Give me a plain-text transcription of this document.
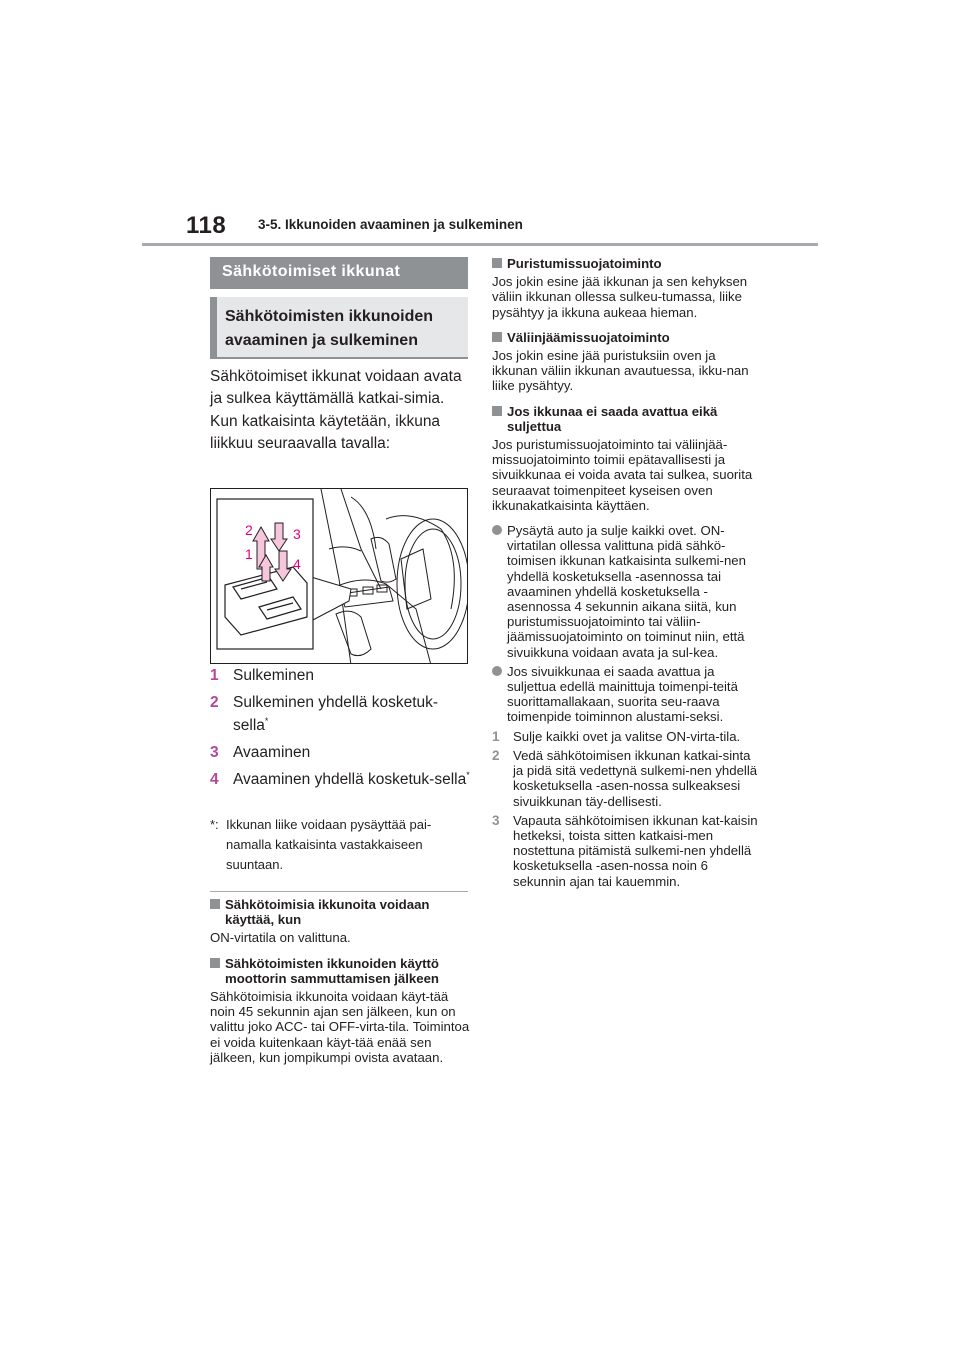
118 3-5. Ikkunoiden avaaminen ja sulkeminen
Sähkötoimiset ikkunat
Sähkötoimisten ikkunoiden
avaaminen ja sulkeminen

Sähkötoimiset ikkunat voidaan avata ja sulkea käyttämällä katkai-simia.

Kun katkaisinta käytetään, ikkuna liikkuu seuraavalla tavalla:

2
1
3
4
1 Sulkeminen
2 Sulkeminen yhdellä kosketuk-sella*
3 Avaaminen
4 Avaaminen yhdellä kosketuk-sella*
*: Ikkunan liike voidaan pysäyttää pai-namalla katkaisinta vastakkaiseen suuntaan.
Sähkötoimisia ikkunoita voidaan käyttää, kun
ON-virtatila on valittuna.
Sähkötoimisten ikkunoiden käyttö moottorin sammuttamisen jälkeen
Sähkötoimisia ikkunoita voidaan käyt-tää noin 45 sekunnin ajan sen jälkeen, kun on valittu joko ACC- tai OFF-virta-tila. Toimintoa ei voida kuitenkaan käyt-tää enää sen jälkeen, kun jompikumpi ovista avataan.
Puristumissuojatoiminto
Jos jokin esine jää ikkunan ja sen kehyksen väliin ikkunan ollessa sulkeu-tumassa, liike pysähtyy ja ikkuna aukeaa hieman.
Väliinjäämissuojatoiminto
Jos jokin esine jää puristuksiin oven ja ikkunan väliin ikkunan avautuessa, ikku-nan liike pysähtyy.
Jos ikkunaa ei saada avattua eikä suljettua
Jos puristumissuojatoiminto tai väliinjää-missuojatoiminto toimii epätavallisesti ja sivuikkunaa ei voida avata tai sulkea, suorita seuraavat toimenpiteet kyseisen oven ikkunakatkaisinta käyttäen.
Pysäytä auto ja sulje kaikki ovet. ON-virtatilan ollessa valittuna pidä sähkö-toimisen ikkunan katkaisinta sulkemi-nen yhdellä kosketuksella -asennossa tai avaaminen yhdellä kosketuksella -asennossa 4 sekunnin aikana siitä, kun puristumissuojatoiminto tai väliin-jäämissuojatoiminto on toiminut niin, että sivuikkuna voidaan avata ja sul-kea.
Jos sivuikkunaa ei saada avattua ja suljettua edellä mainittuja toimenpi-teitä suorittamallakaan, suorita seu-raava toimenpide toiminnon alustami-seksi.
1 Sulje kaikki ovet ja valitse ON-virta-tila.
2 Vedä sähkötoimisen ikkunan katkai-sinta ja pidä sitä vedettynä sulkemi-nen yhdellä kosketuksella -asen-nossa sulkeaksesi sivuikkunan täy-dellisesti.
3 Vapauta sähkötoimisen ikkunan kat-kaisin hetkeksi, toista sitten katkaisi-men nostettuna pitämistä sulkemi-nen yhdellä kosketuksella -asen-nossa noin 6 sekunnin ajan tai kauemmin.
